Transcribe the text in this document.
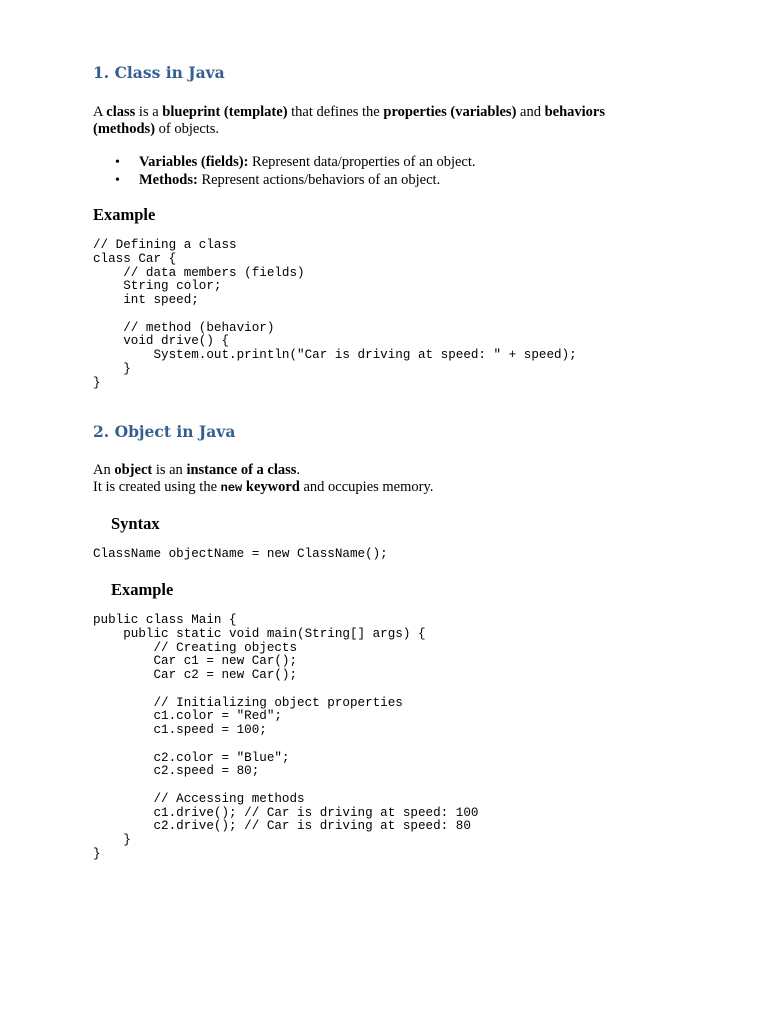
1. Class in Java

A class is a blueprint (template) that defines the properties (variables) and behaviors (methods) of objects.

• Variables (fields): Represent data/properties of an object.
• Methods: Represent actions/behaviors of an object.
Example
// Defining a class
class Car {
// data members (fields)
String color;
int speed;

// method (behavior)
void drive() {
System.out.println("Car is driving at speed: " + speed);
}
}
2. Object in Java

An object is an instance of a class.
It is created using the new keyword and occupies memory.

Syntax
ClassName objectName = new ClassName();
Example
public class Main {
public static void main(String[] args) {
// Creating objects
Car c1 = new Car();
Car c2 = new Car();

// Initializing object properties
c1.color = "Red";
c1.speed = 100;

c2.color = "Blue";
c2.speed = 80;

// Accessing methods
c1.drive(); // Car is driving at speed: 100
c2.drive(); // Car is driving at speed: 80
}
}
